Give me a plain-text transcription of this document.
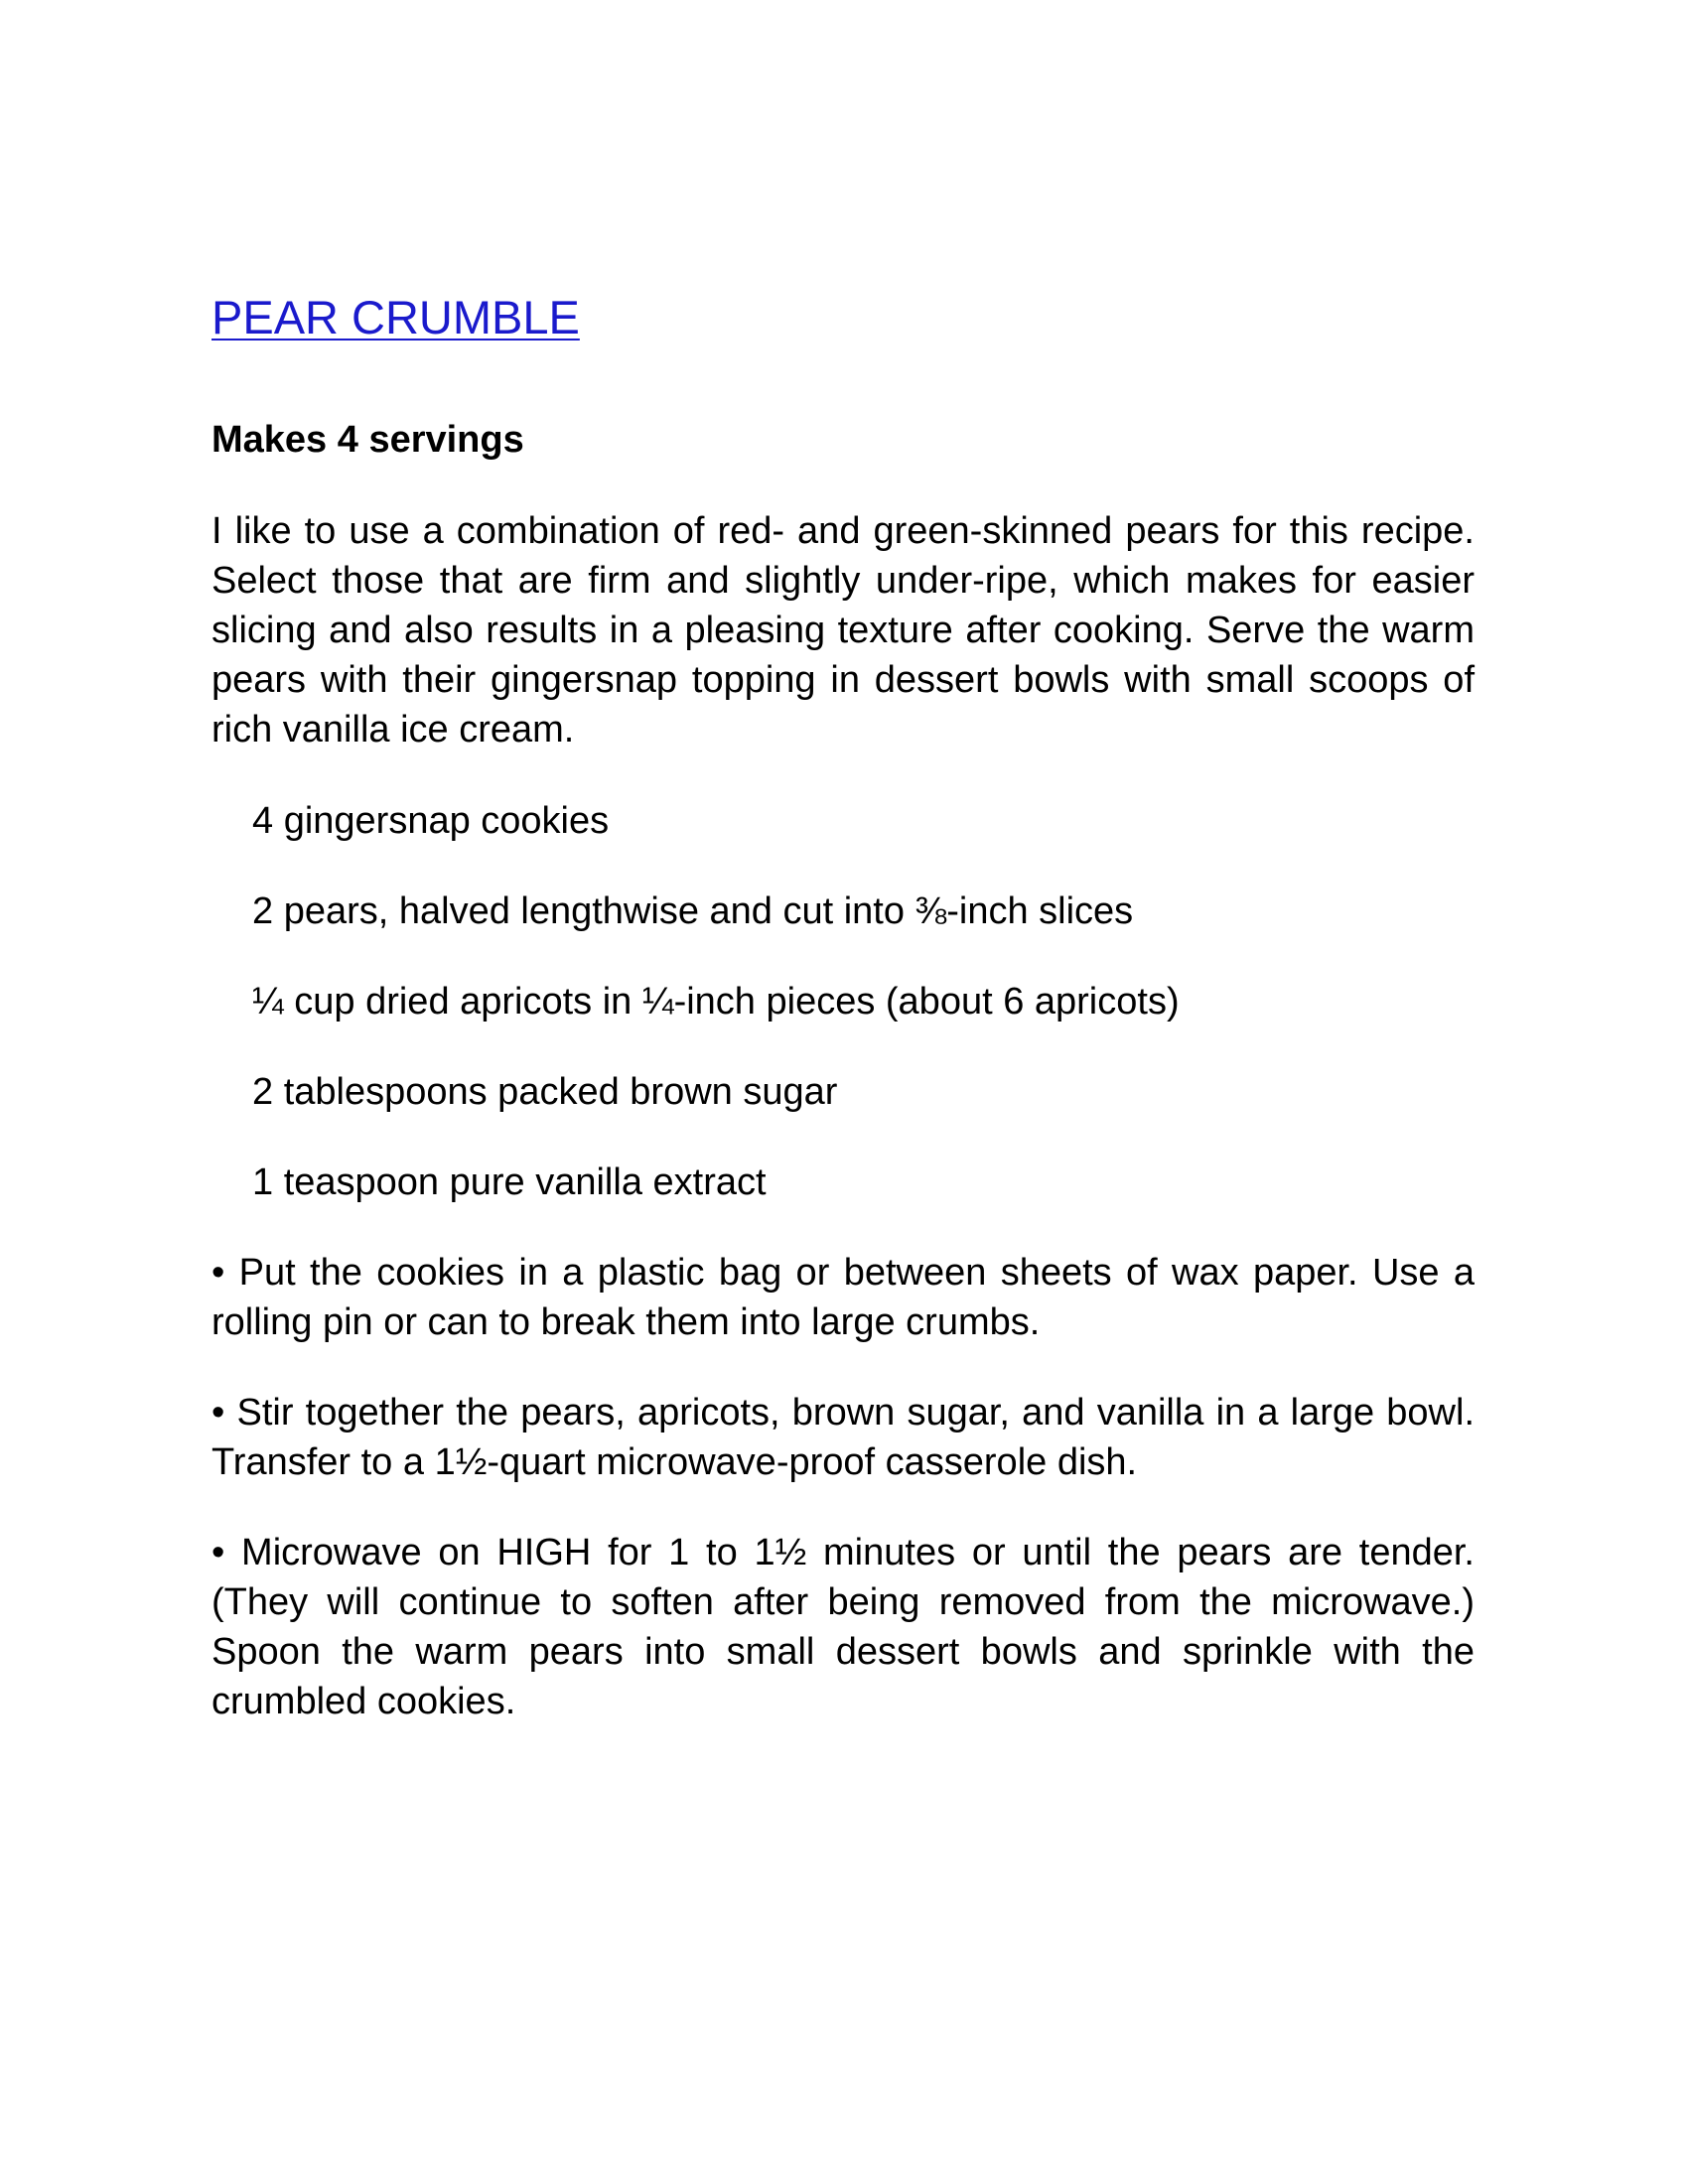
PEAR CRUMBLE

Makes 4 servings

I like to use a combination of red- and green-skinned pears for this recipe. Select those that are firm and slightly under-ripe, which makes for easier slicing and also results in a pleasing texture after cooking. Serve the warm pears with their gingersnap topping in dessert bowls with small scoops of rich vanilla ice cream.

4 gingersnap cookies
2 pears, halved lengthwise and cut into ⅜-inch slices
¼ cup dried apricots in ¼-inch pieces (about 6 apricots)
2 tablespoons packed brown sugar
1 teaspoon pure vanilla extract

• Put the cookies in a plastic bag or between sheets of wax paper. Use a rolling pin or can to break them into large crumbs.

• Stir together the pears, apricots, brown sugar, and vanilla in a large bowl. Transfer to a 1½-quart microwave-proof casserole dish.

• Microwave on HIGH for 1 to 1½ minutes or until the pears are tender. (They will continue to soften after being removed from the microwave.) Spoon the warm pears into small dessert bowls and sprinkle with the crumbled cookies.
